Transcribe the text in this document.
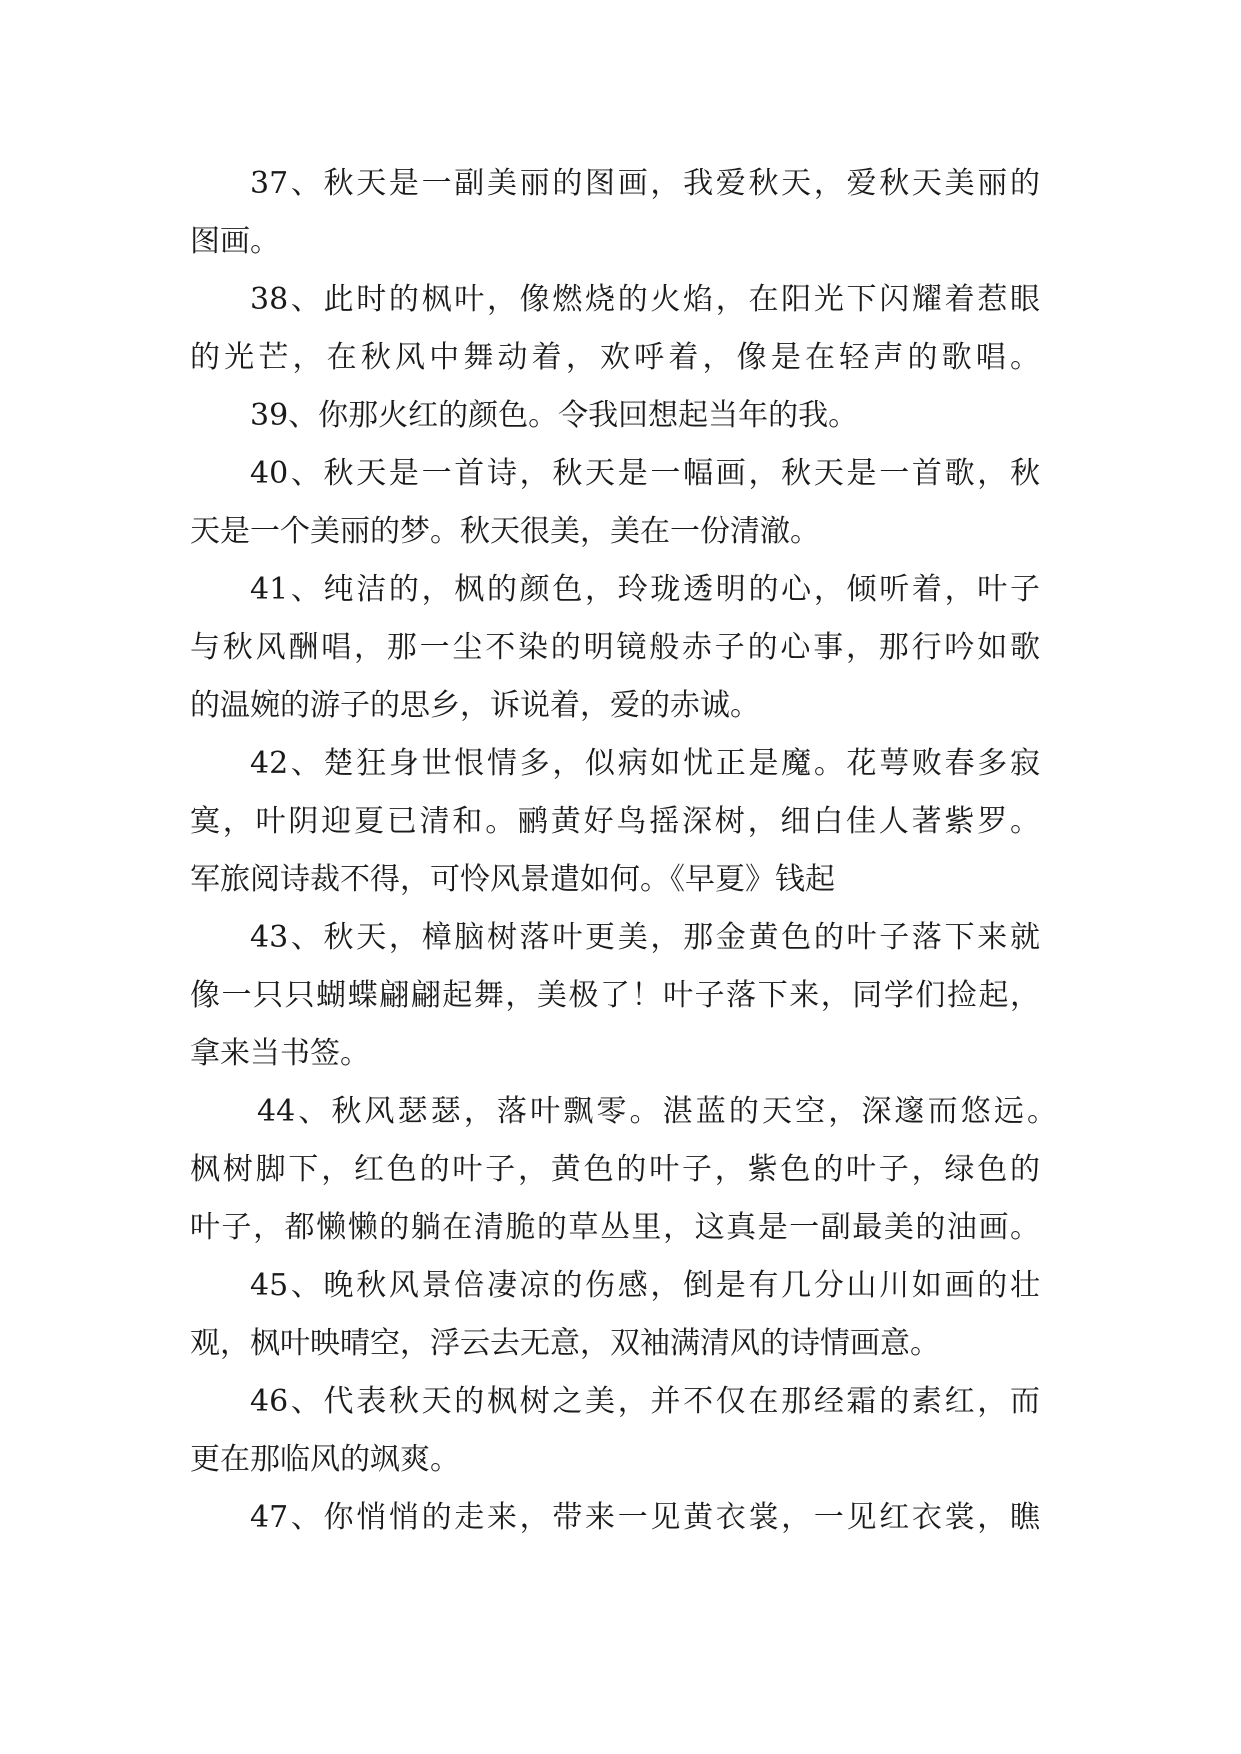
37、秋天是一副美丽的图画，我爱秋天，爱秋天美丽的
图画。
38、此时的枫叶，像燃烧的火焰，在阳光下闪耀着惹眼
的光芒，在秋风中舞动着，欢呼着，像是在轻声的歌唱。
39、你那火红的颜色。令我回想起当年的我。
40、秋天是一首诗，秋天是一幅画，秋天是一首歌，秋
天是一个美丽的梦。秋天很美，美在一份清澈。
41、纯洁的，枫的颜色，玲珑透明的心，倾听着，叶子
与秋风酬唱，那一尘不染的明镜般赤子的心事，那行吟如歌
的温婉的游子的思乡，诉说着，爱的赤诚。
42、楚狂身世恨情多，似病如忧正是魔。花萼败春多寂
寞，叶阴迎夏已清和。鹂黄好鸟摇深树，细白佳人著紫罗。
军旅阅诗裁不得，可怜风景遣如何。《早夏》钱起
43、秋天，樟脑树落叶更美，那金黄色的叶子落下来就
像一只只蝴蝶翩翩起舞，美极了！叶子落下来，同学们捡起，
拿来当书签。
44、秋风瑟瑟，落叶飘零。湛蓝的天空，深邃而悠远。
枫树脚下，红色的叶子，黄色的叶子，紫色的叶子，绿色的
叶子，都懒懒的躺在清脆的草丛里，这真是一副最美的油画。
45、晚秋风景倍凄凉的伤感，倒是有几分山川如画的壮
观，枫叶映晴空，浮云去无意，双袖满清风的诗情画意。
46、代表秋天的枫树之美，并不仅在那经霜的素红，而
更在那临风的飒爽。
47、你悄悄的走来，带来一见黄衣裳，一见红衣裳，瞧
